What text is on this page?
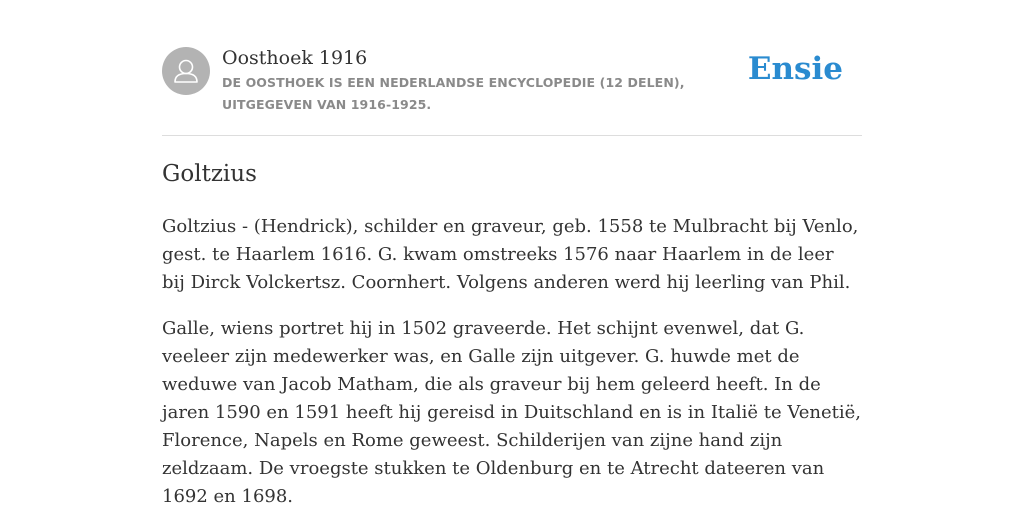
Oosthoek 1916
DE OOSTHOEK IS EEN NEDERLANDSE ENCYCLOPEDIE (12 DELEN), UITGEGEVEN VAN 1916-1925.
Ensie
Goltzius

Goltzius - (Hendrick), schilder en graveur, geb. 1558 te Mulbracht bij Venlo, gest. te Haarlem 1616. G. kwam omstreeks 1576 naar Haarlem in de leer bij Dirck Volckertsz. Coornhert. Volgens anderen werd hij leerling van Phil.

Galle, wiens portret hij in 1502 graveerde. Het schijnt evenwel, dat G. veeleer zijn medewerker was, en Galle zijn uitgever. G. huwde met de weduwe van Jacob Matham, die als graveur bij hem geleerd heeft. In de jaren 1590 en 1591 heeft hij gereisd in Duitschland en is in Italië te Venetië, Florence, Napels en Rome geweest. Schilderijen van zijne hand zijn zeldzaam. De vroegste stukken te Oldenburg en te Atrecht dateeren van 1692 en 1698.
